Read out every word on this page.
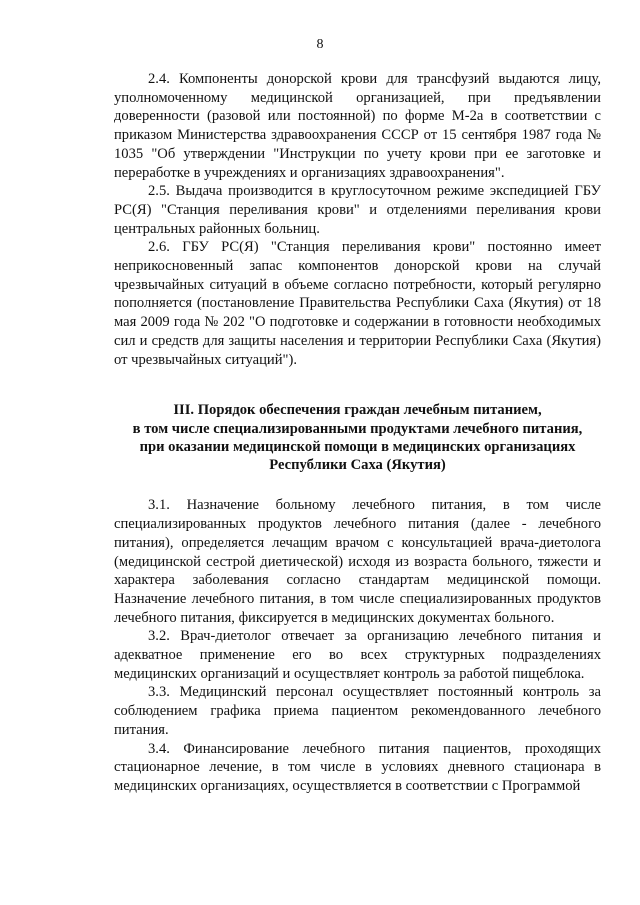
8

2.4. Компоненты донорской крови для трансфузий выдаются лицу, уполномоченному медицинской организацией, при предъявлении доверенности (разовой или постоянной) по форме М-2а в соответствии с приказом Министерства здравоохранения СССР от 15 сентября 1987 года № 1035 "Об утверждении "Инструкции по учету крови при ее заготовке и переработке в учреждениях и организациях здравоохранения".

2.5. Выдача производится в круглосуточном режиме экспедицией ГБУ РС(Я) "Станция переливания крови" и отделениями переливания крови центральных районных больниц.

2.6. ГБУ РС(Я) "Станция переливания крови" постоянно имеет неприкосновенный запас компонентов донорской крови на случай чрезвычайных ситуаций в объеме согласно потребности, который регулярно пополняется (постановление Правительства Республики Саха (Якутия) от 18 мая 2009 года № 202 "О подготовке и содержании в готовности необходимых сил и средств для защиты населения и территории Республики Саха (Якутия) от чрезвычайных ситуаций").

III. Порядок обеспечения граждан лечебным питанием,
в том числе специализированными продуктами лечебного питания,
при оказании медицинской помощи в медицинских организациях
Республики Саха (Якутия)

3.1. Назначение больному лечебного питания, в том числе специализированных продуктов лечебного питания (далее - лечебного питания), определяется лечащим врачом с консультацией врача-диетолога (медицинской сестрой диетической) исходя из возраста больного, тяжести и характера заболевания согласно стандартам медицинской помощи. Назначение лечебного питания, в том числе специализированных продуктов лечебного питания, фиксируется в медицинских документах больного.

3.2. Врач-диетолог отвечает за организацию лечебного питания и адекватное применение его во всех структурных подразделениях медицинских организаций и осуществляет контроль за работой пищеблока.

3.3. Медицинский персонал осуществляет постоянный контроль за соблюдением графика приема пациентом рекомендованного лечебного питания.

3.4. Финансирование лечебного питания пациентов, проходящих стационарное лечение, в том числе в условиях дневного стационара в медицинских организациях, осуществляется в соответствии с Программой
